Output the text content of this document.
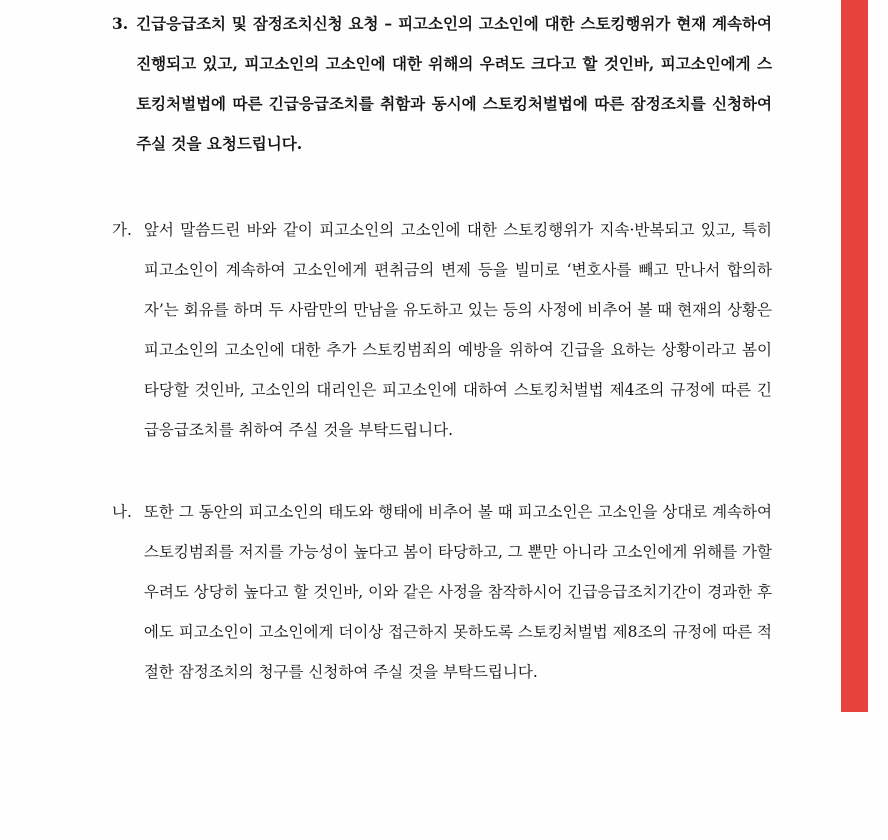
3. 긴급응급조치 및 잠정조치신청 요청 – 피고소인의 고소인에 대한 스토킹행위가 현재 계속하여 진행되고 있고, 피고소인의 고소인에 대한 위해의 우려도 크다고 할 것인바, 피고소인에게 스토킹처벌법에 따른 긴급응급조치를 취함과 동시에 스토킹처벌법에 따른 잠정조치를 신청하여 주실 것을 요청드립니다.
가. 앞서 말씀드린 바와 같이 피고소인의 고소인에 대한 스토킹행위가 지속·반복되고 있고, 특히 피고소인이 계속하여 고소인에게 편취금의 변제 등을 빌미로 ‘변호사를 빼고 만나서 합의하자’는 회유를 하며 두 사람만의 만남을 유도하고 있는 등의 사정에 비추어 볼 때 현재의 상황은 피고소인의 고소인에 대한 추가 스토킹범죄의 예방을 위하여 긴급을 요하는 상황이라고 봄이 타당할 것인바, 고소인의 대리인은 피고소인에 대하여 스토킹처벌법 제4조의 규정에 따른 긴급응급조치를 취하여 주실 것을 부탁드립니다.
나. 또한 그 동안의 피고소인의 태도와 행태에 비추어 볼 때 피고소인은 고소인을 상대로 계속하여 스토킹범죄를 저지를 가능성이 높다고 봄이 타당하고, 그 뿐만 아니라 고소인에게 위해를 가할 우려도 상당히 높다고 할 것인바, 이와 같은 사정을 참작하시어 긴급응급조치기간이 경과한 후에도 피고소인이 고소인에게 더이상 접근하지 못하도록 스토킹처벌법 제8조의 규정에 따른 적절한 잠정조치의 청구를 신청하여 주실 것을 부탁드립니다.
